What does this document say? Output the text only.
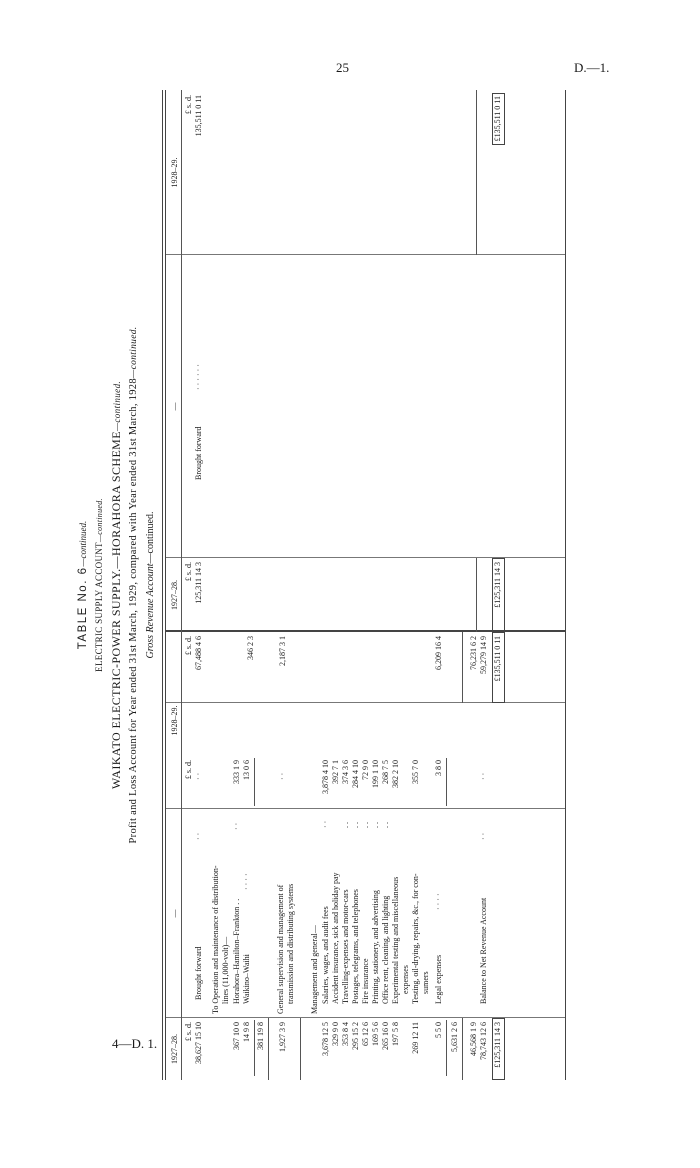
25	D.—1.
4—D. 1.
TABLE No. 6—continued. ELECTRIC SUPPLY ACCOUNT—continued. WAIKATO ELECTRIC-POWER SUPPLY.—HORAHORA SCHEME—continued. Profit and Loss Account for Year ended 31st March, 1929, compared with Year ended 31st March, 1928—continued.
Gross Revenue Account—continued.
1927–28.
—
1928–29.
1927–28.
—
1928–29.
£ s. d.
£ s. d.
£ s. d.
£ s. d.
£ s. d.
38,627 15 10
Brought forward
· ·
· ·
67,488 4 6
To Operation and maintenance of distribution- lines (11,000-volt)—
367 10 0
Horahora–Hamilton–Frankton . .
· ·
333 1 9
14 9 8
Waikino–Waihi
· · · ·
13 0 6
381 19 8
346 2 3
1,927 3 9
General supervision and management of transmission and distributing systems
· ·
2,187 3 1
Management and general—	expenses
269 12 11
Testing, oil-drying, repairs, &c., for con- sumers
355 7 0
5 5 0
Legal expenses
· · · ·
3 8 0
6,209 16 4
5,631 2 6 46,568 1 9
76,231 6 2
78,743 12 6
Balance to Net Revenue Account
· ·
· ·
59,279 14 9
£125,311 14 3
£135,511 0 11
125,311 14 3
Brought forward
· · · · · ·
135,511 0 11
£125,311 14 3
£135,511 0 11
3,678 12 5
Salaries, wages, and audit fees
· ·
3,878 4 10
329 9 0
Accident insurance, sick and holiday pay
392 7 1
353 8 4
Travelling-expenses and motor-cars
. .
374 3 6
295 15 2
Postages, telegrams, and telephones
. .
284 4 10
65 12 6
Fire insurance
. .
72 9 0
169 5 6
Printing, stationery, and advertising
. .
199 1 10
265 16 0
Office rent, cleaning, and lighting
. .
268 7 5
197 5 8
Experimental testing and miscellaneous
382 2 10
